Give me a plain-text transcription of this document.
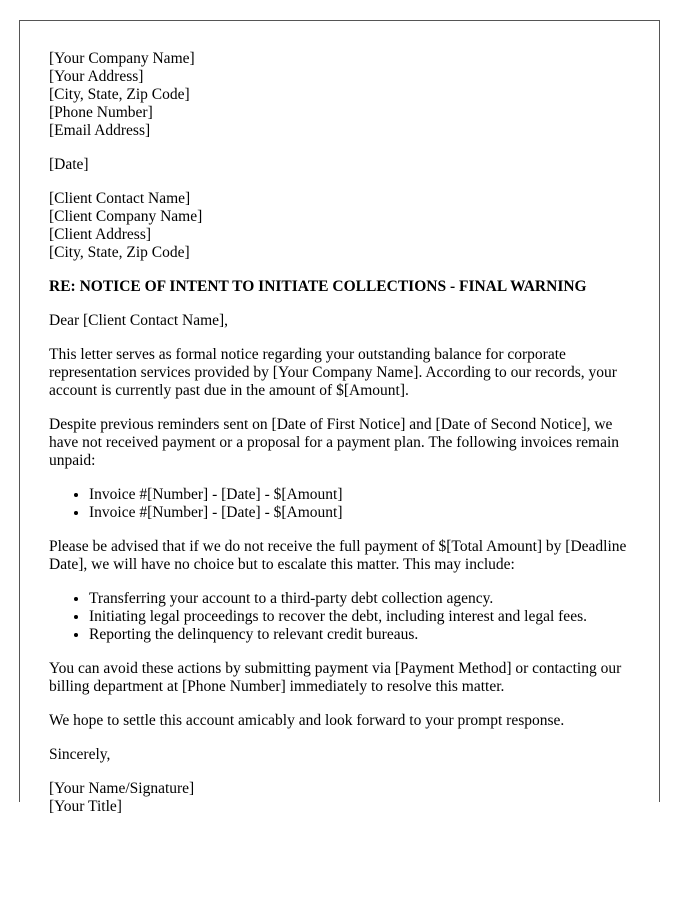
[Your Company Name]
[Your Address]
[City, State, Zip Code]
[Phone Number]
[Email Address]
[Date]
[Client Contact Name]
[Client Company Name]
[Client Address]
[City, State, Zip Code]
RE: NOTICE OF INTENT TO INITIATE COLLECTIONS - FINAL WARNING

Dear [Client Contact Name],

This letter serves as formal notice regarding your outstanding balance for corporate representation services provided by [Your Company Name]. According to our records, your account is currently past due in the amount of $[Amount].

Despite previous reminders sent on [Date of First Notice] and [Date of Second Notice], we have not received payment or a proposal for a payment plan. The following invoices remain unpaid:

• Invoice #[Number] - [Date] - $[Amount]
• Invoice #[Number] - [Date] - $[Amount]

Please be advised that if we do not receive the full payment of $[Total Amount] by [Deadline Date], we will have no choice but to escalate this matter. This may include:

• Transferring your account to a third-party debt collection agency.
• Initiating legal proceedings to recover the debt, including interest and legal fees.
• Reporting the delinquency to relevant credit bureaus.

You can avoid these actions by submitting payment via [Payment Method] or contacting our billing department at [Phone Number] immediately to resolve this matter.

We hope to settle this account amicably and look forward to your prompt response.

Sincerely,

[Your Name/Signature]
[Your Title]
